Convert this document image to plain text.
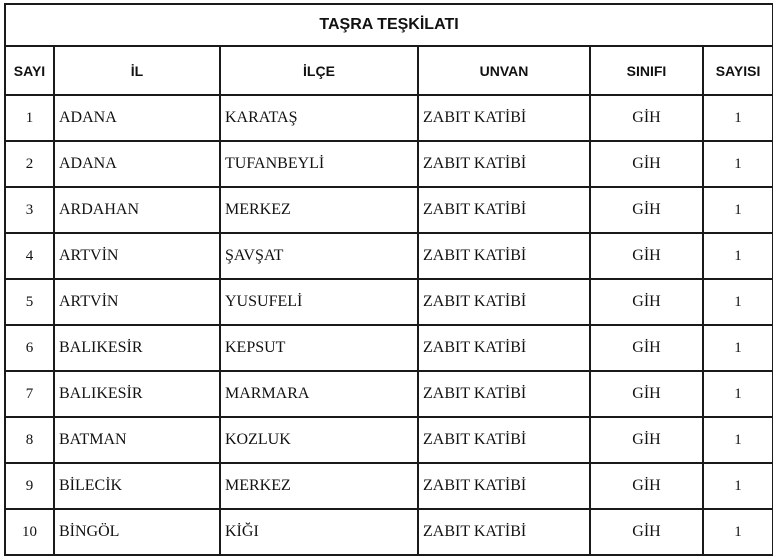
TAŞRA TEŞKİLATI					
SAYI	İL	İLÇE	UNVAN	SINIFI	SAYISI
1	ADANA	KARATAŞ	ZABIT KATİBİ	GİH	1
2	ADANA	TUFANBEYLİ	ZABIT KATİBİ	GİH	1
3	ARDAHAN	MERKEZ	ZABIT KATİBİ	GİH	1
4	ARTVİN	ŞAVŞAT	ZABIT KATİBİ	GİH	1
5	ARTVİN	YUSUFELİ	ZABIT KATİBİ	GİH	1
6	BALIKESİR	KEPSUT	ZABIT KATİBİ	GİH	1
7	BALIKESİR	MARMARA	ZABIT KATİBİ	GİH	1
8	BATMAN	KOZLUK	ZABIT KATİBİ	GİH	1
9	BİLECİK	MERKEZ	ZABIT KATİBİ	GİH	1
10	BİNGÖL	KİĞI	ZABIT KATİBİ	GİH	1
